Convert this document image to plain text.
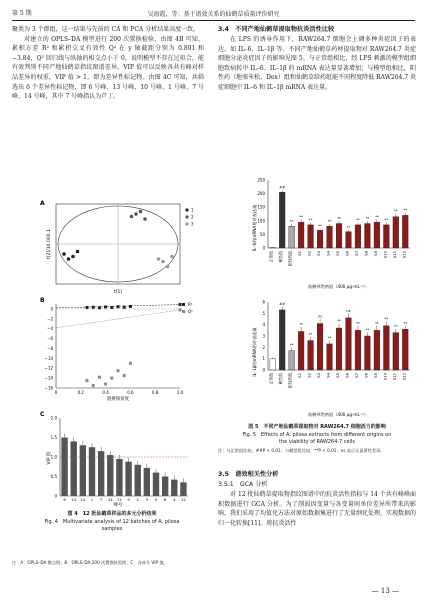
第 5 期	吴海霞，等：基于谱效关系的仙鹤草质量评价研究

聚类为 3 个群组，这一结果与先前的 CA 和 PCA 分析结果高度一致。

对建立的 OPLS–DA 模型进行 200 次置换检验，由图 4B 可知，累积方差 R² 和累积交叉有效性 Q² 在 y 轴截距分别为 0.891 和 −3.84，Q² 回归线与纵轴的相交点小于 0，说明模型不存在过拟合，能有效判别不同产地仙鹤草指纹图谱差异。VIP 值可以反映各共有峰对样品差异的权重，VIP 值 > 1，即为差异性标记物。由图 4C 可知，共筛选出 6 个差异性标记物，即 6 号峰、13 号峰、10 号峰、1 号峰、7 号峰、14 号峰，其中 7 号峰指认为芦丁。

A
t[2]/10 000.1
t[1]
1
2
3
B
0
−2
−4
−6
−8
−10
−12
−14
−16
0	0.2	0.4	0.6	0.8	1.0
置换保留度
R²
Q²
C 2.0
1.5
1.0
0.5
0
6 13 10 1 7 14 11 9 2 3 5 8 4 12
VIP 值
峰号
图 4　12 批仙鹤草样品的多元分析结果
Fig. 4　Multivariate analysis of 12 batches of A. pilosa
samples
注：A：OPLS–DA 散点图；B：OPLS–DA 200 次置换检验图；C：各成分 VIP 值。
3.4　不同产地仙鹤草提取物抗炎活性比较

在 LPS 的诱导作用下，RAW264.7 细胞会上调多种炎症因子的表达，如 IL–6、IL–1β 等。不同产地仙鹤草药材提取物对 RAW264.7 炎症细胞分泌炎症因子的影响见图 5。与正常组相比，经 LPS 刺激的模型组细胞致病转中 IL–6、IL–1β 的 mRNA 表达量显著增加；与模型组相比，阳性药（地塞米松，Dex）组和仙鹤草给药组能不同程度降低 RAW264.7 炎症细胞中 IL–6 和 IL–1β mRNA 表达量。

IL–6的mRNA相对表达量
250
200
150
100
50
0
正常组
##
模型组
**
阳性药组
**
S1
**
S2
**
S3
**
S4
**
S5
**
S6
**
S7
**
S8
**
S9
**
S10
**
S11
**
S12
仙鹤草给药组（400 μg·mL⁻¹）
IL–1β的mRNA相对表达量
6
5
4
3
2
1
0
正常组
##
模型组
**
阳性药组
**
S1
**
S2
ns
S3
**
S4
**
S5
ns
S6
**
S7
**
S8
**
S9
**
S10
**
S11
**
S12
仙鹤草给药组（400 μg·mL⁻¹）
图 5　不同产地仙鹤草提取物对 RAW264.7 细胞活力的影响
Fig. 5　Effects of A. pilosa extracts from different origins on
the viability of RAW264.7 cells
注：与正常组比较，##P < 0.01；与模型组比较，**P < 0.01；ns 表示无显著性差异。
3.5　谱效相关性分析
3.5.1　GCA 分析

对 12 批仙鹤草提取物指纹图谱中的抗炎活性指标与 14 个共有峰峰面积数据进行 GCA 分析。为了削弱因变量与各变量间单位差异所带来的影响，我们采用了均值化方法对原始数据集进行了无量纲化处理，实现数据的归一化转换[11]。将抗炎活性

— 13 —
